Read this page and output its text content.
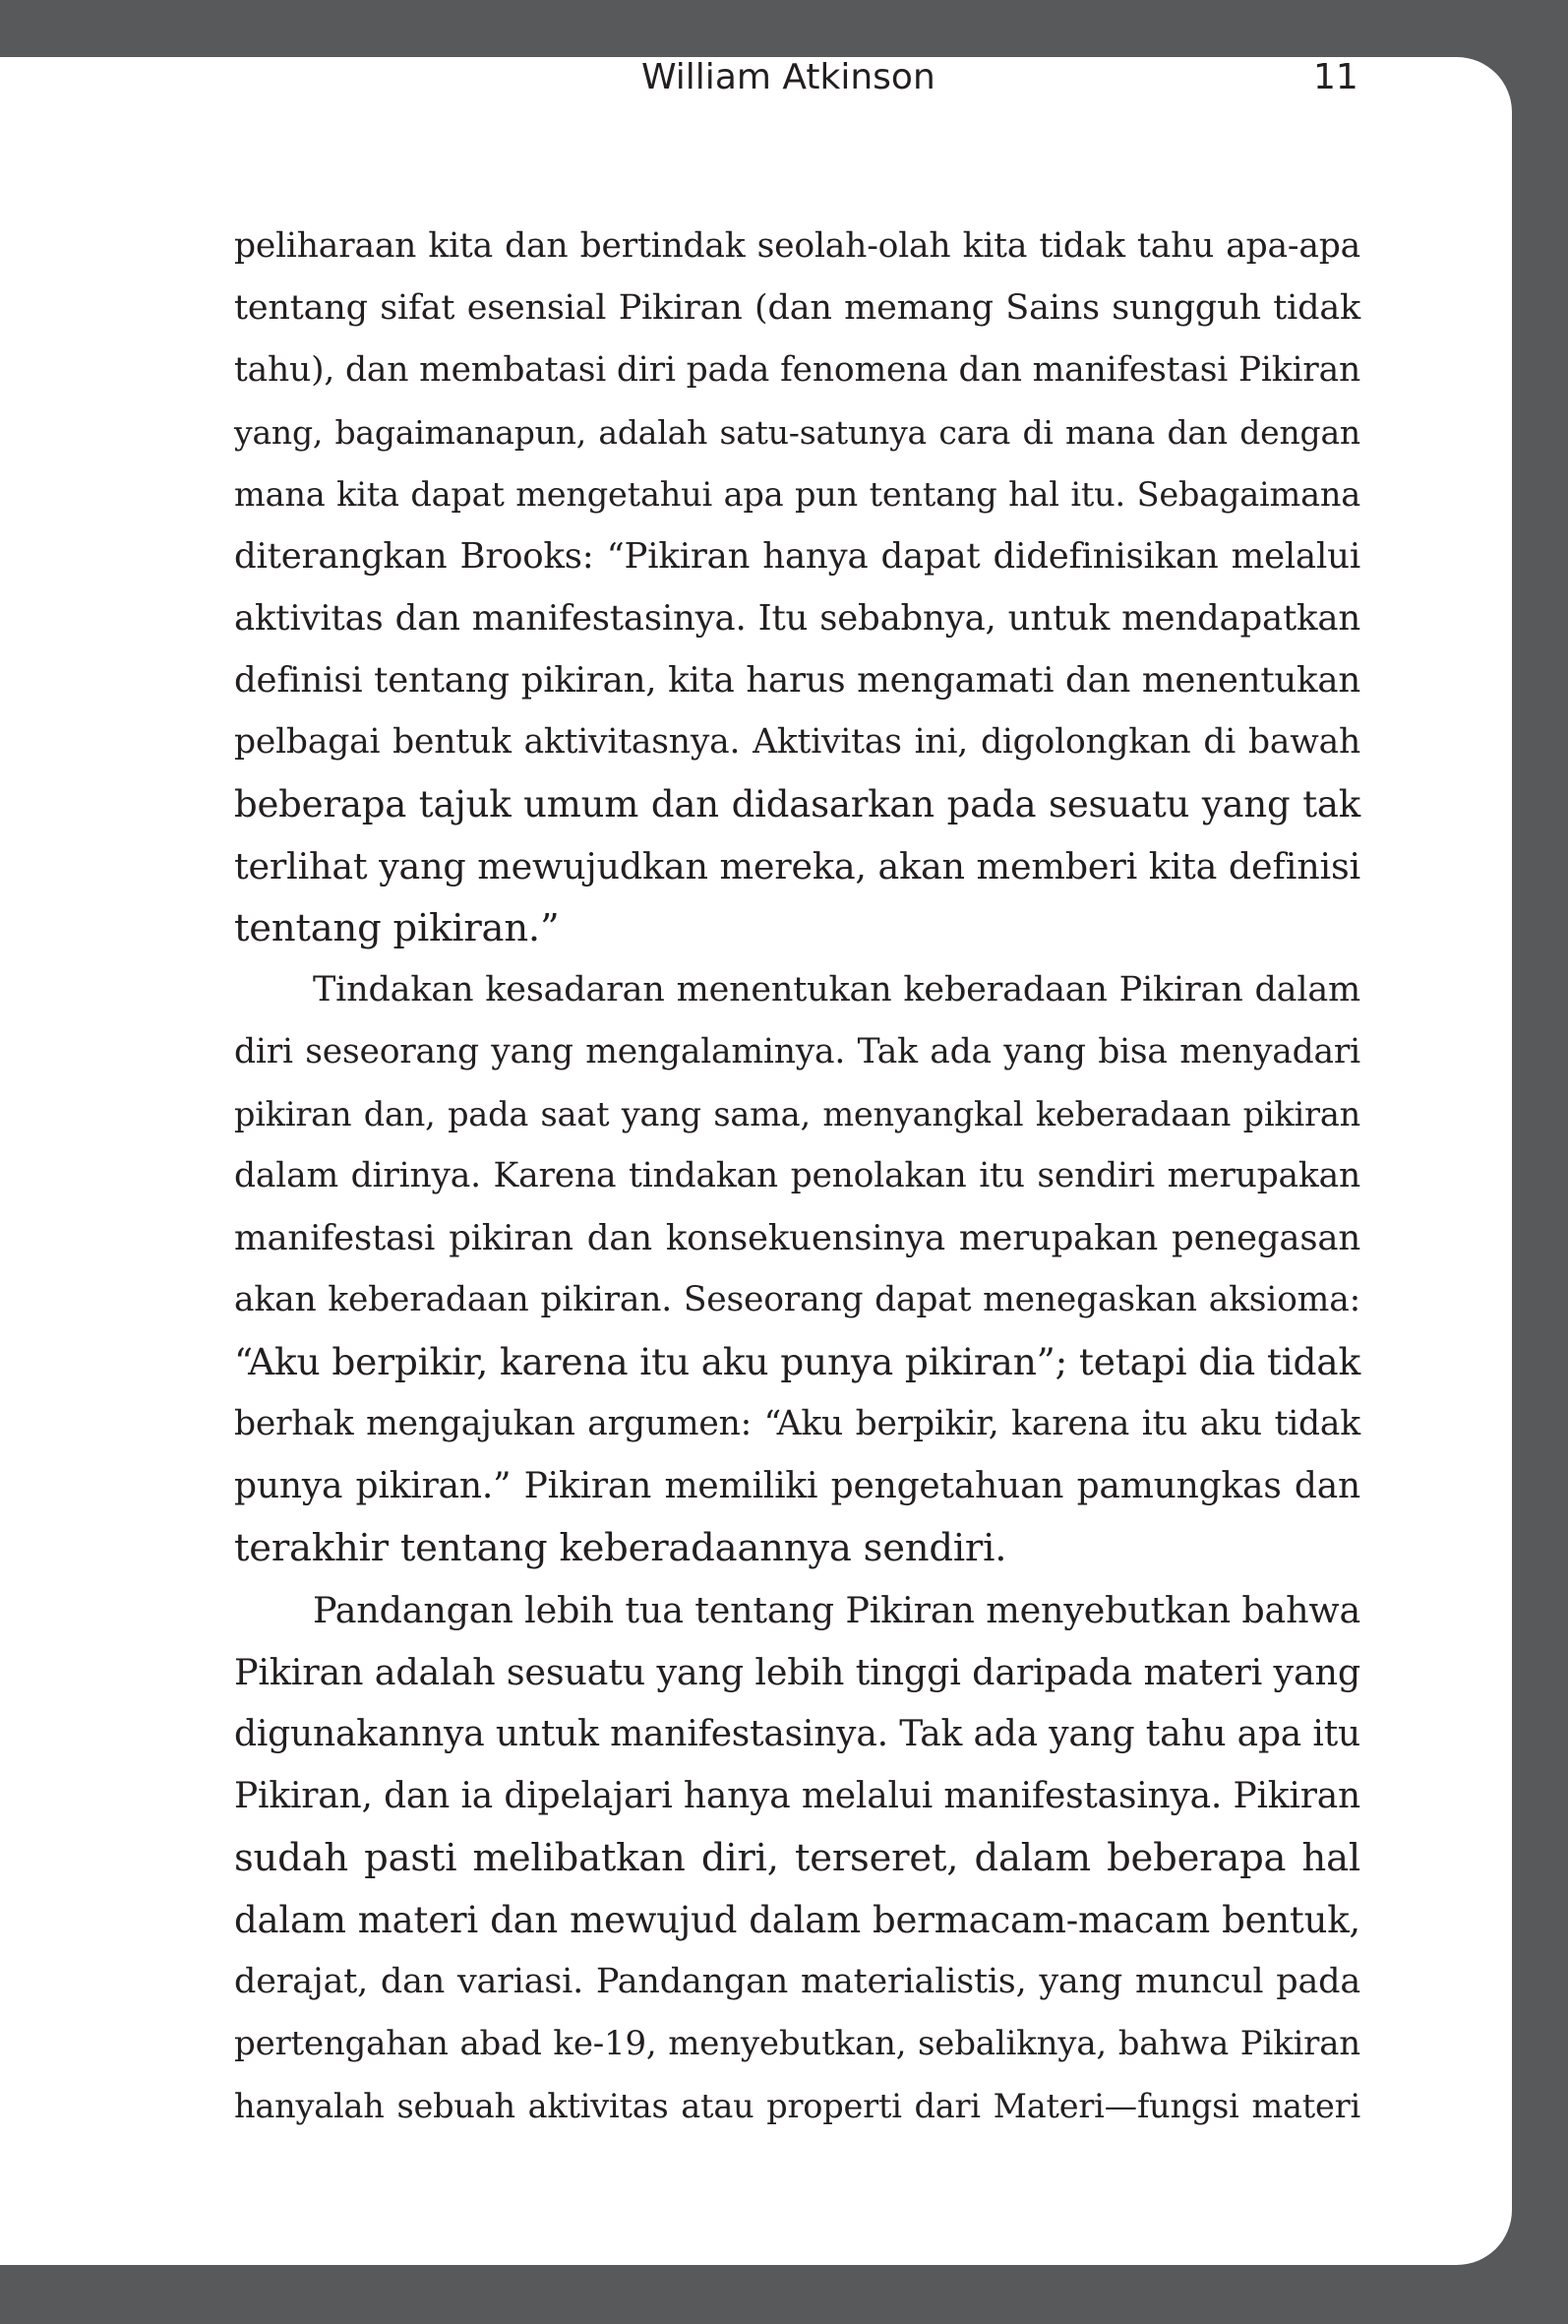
William Atkinson	11
peliharaan kita dan bertindak seolah-olah kita tidak tahu apa-apa
tentang sifat esensial Pikiran (dan memang Sains sungguh tidak
tahu), dan membatasi diri pada fenomena dan manifestasi Pikiran
yang, bagaimanapun, adalah satu-satunya cara di mana dan dengan
mana kita dapat mengetahui apa pun tentang hal itu. Sebagaimana
diterangkan Brooks: “Pikiran hanya dapat didefinisikan melalui
aktivitas dan manifestasinya. Itu sebabnya, untuk mendapatkan
definisi tentang pikiran, kita harus mengamati dan menentukan
pelbagai bentuk aktivitasnya. Aktivitas ini, digolongkan di bawah
beberapa tajuk umum dan didasarkan pada sesuatu yang tak
terlihat yang mewujudkan mereka, akan memberi kita definisi
tentang pikiran.”
Tindakan kesadaran menentukan keberadaan Pikiran dalam
diri seseorang yang mengalaminya. Tak ada yang bisa menyadari
pikiran dan, pada saat yang sama, menyangkal keberadaan pikiran
dalam dirinya. Karena tindakan penolakan itu sendiri merupakan
manifestasi pikiran dan konsekuensinya merupakan penegasan
akan keberadaan pikiran. Seseorang dapat menegaskan aksioma:
“Aku berpikir, karena itu aku punya pikiran”; tetapi dia tidak
berhak mengajukan argumen: “Aku berpikir, karena itu aku tidak
punya pikiran.” Pikiran memiliki pengetahuan pamungkas dan
terakhir tentang keberadaannya sendiri.
Pandangan lebih tua tentang Pikiran menyebutkan bahwa
Pikiran adalah sesuatu yang lebih tinggi daripada materi yang
digunakannya untuk manifestasinya. Tak ada yang tahu apa itu
Pikiran, dan ia dipelajari hanya melalui manifestasinya. Pikiran
sudah pasti melibatkan diri, terseret, dalam beberapa hal
dalam materi dan mewujud dalam bermacam-macam bentuk,
derajat, dan variasi. Pandangan materialistis, yang muncul pada
pertengahan abad ke-19, menyebutkan, sebaliknya, bahwa Pikiran
hanyalah sebuah aktivitas atau properti dari Materi—fungsi materi
